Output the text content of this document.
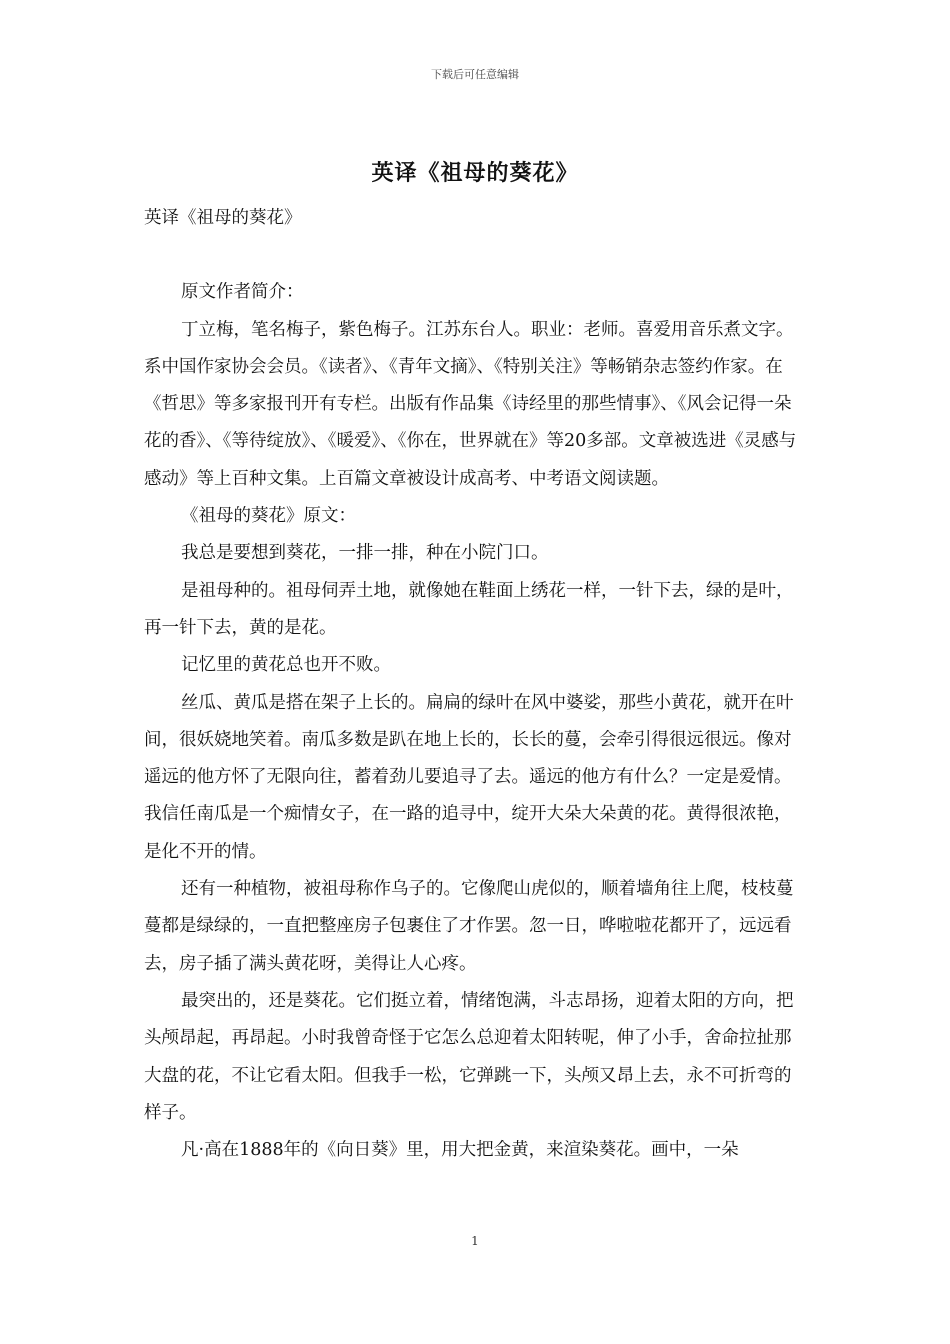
下载后可任意编辑
英译《祖母的葵花》

英译《祖母的葵花》

原文作者简介：

丁立梅，笔名梅子，紫色梅子。江苏东台人。职业：老师。喜爱用音乐煮文字。系中国作家协会会员。《读者》、《青年文摘》、《特别关注》等畅销杂志签约作家。在《哲思》等多家报刊开有专栏。出版有作品集《诗经里的那些情事》、《风会记得一朵花的香》、《等待绽放》、《暖爱》、《你在，世界就在》等20多部。文章被选进《灵感与感动》等上百种文集。上百篇文章被设计成高考、中考语文阅读题。

《祖母的葵花》原文：

我总是要想到葵花，一排一排，种在小院门口。

是祖母种的。祖母伺弄土地，就像她在鞋面上绣花一样，一针下去，绿的是叶，再一针下去，黄的是花。

记忆里的黄花总也开不败。

丝瓜、黄瓜是搭在架子上长的。扁扁的绿叶在风中婆娑，那些小黄花，就开在叶间，很妖娆地笑着。南瓜多数是趴在地上长的，长长的蔓，会牵引得很远很远。像对遥远的他方怀了无限向往，蓄着劲儿要追寻了去。遥远的他方有什么？一定是爱情。我信任南瓜是一个痴情女子，在一路的追寻中，绽开大朵大朵黄的花。黄得很浓艳，是化不开的情。

还有一种植物，被祖母称作乌子的。它像爬山虎似的，顺着墙角往上爬，枝枝蔓蔓都是绿绿的，一直把整座房子包裹住了才作罢。忽一日，哗啦啦花都开了，远远看去，房子插了满头黄花呀，美得让人心疼。

最突出的，还是葵花。它们挺立着，情绪饱满，斗志昂扬，迎着太阳的方向，把头颅昂起，再昂起。小时我曾奇怪于它怎么总迎着太阳转呢，伸了小手，舍命拉扯那大盘的花，不让它看太阳。但我手一松，它弹跳一下，头颅又昂上去，永不可折弯的样子。

凡·高在1888年的《向日葵》里，用大把金黄，来渲染葵花。画中，一朵

1
